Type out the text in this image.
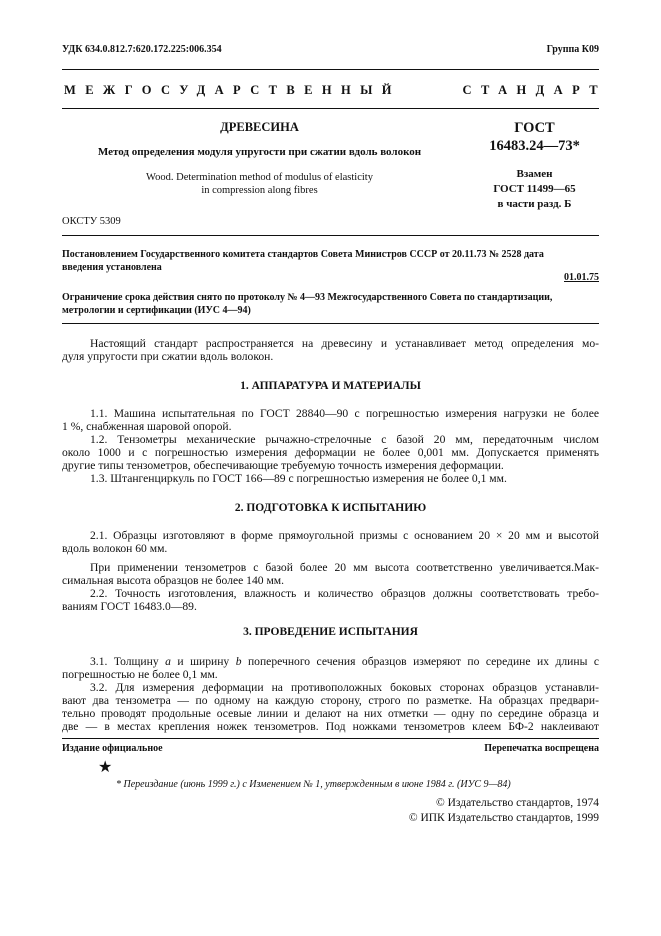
УДК 634.0.812.7:620.172.225:006.354	Группа К09
МЕЖГОСУДАРСТВЕННЫЙ	СТАНДАРТ
ДРЕВЕСИНА
Метод определения модуля упругости при сжатии вдоль волокон
Wood. Determination method of modulus of elasticity
in compression along fibres
ГОСТ
16483.24—73*
Взамен
ГОСТ 11499—65
в части разд. Б
ОКСТУ 5309
Постановлением Государственного комитета стандартов Совета Министров СССР от 20.11.73 № 2528 дата
введения установлена
01.01.75
Ограничение срока действия снято по протоколу № 4—93 Межгосударственного Совета по стандартизации,
метрологии и сертификации (ИУС 4—94)
Настоящий стандарт распространяется на древесину и устанавливает метод определения мо-
дуля упругости при сжатии вдоль волокон.
1. АППАРАТУРА И МАТЕРИАЛЫ
1.1. Машина испытательная по ГОСТ 28840—90 с погрешностью измерения нагрузки не более
1 %, снабженная шаровой опорой.
1.2. Тензометры механические рычажно-стрелочные с базой 20 мм, передаточным числом
около 1000 и с погрешностью измерения деформации не более 0,001 мм. Допускается применять
другие типы тензометров, обеспечивающие требуемую точность измерения деформации.
1.3. Штангенциркуль по ГОСТ 166—89 с погрешностью измерения не более 0,1 мм.
2. ПОДГОТОВКА К ИСПЫТАНИЮ
2.1. Образцы изготовляют в форме прямоугольной призмы с основанием 20 × 20 мм и высотой
вдоль волокон 60 мм.
При применении тензометров с базой более 20 мм высота соответственно увеличивается.Мак-
симальная высота образцов не более 140 мм.
2.2. Точность изготовления, влажность и количество образцов должны соответствовать требо-
ваниям ГОСТ 16483.0—89.
3. ПРОВЕДЕНИЕ ИСПЫТАНИЯ
3.1. Толщину a и ширину b поперечного сечения образцов измеряют по середине их длины с
погрешностью не более 0,1 мм.
3.2. Для измерения деформации на противоположных боковых сторонах образцов устанавли-
вают два тензометра — по одному на каждую сторону, строго по разметке. На образцах предвари-
тельно проводят продольные осевые линии и делают на них отметки — одну по середине образца и
две — в местах крепления ножек тензометров. Под ножками тензометров клеем БФ-2 наклеивают
Издание официальное	Перепечатка воспрещена
★
* Переиздание (июнь 1999 г.) с Изменением № 1, утвержденным в июне 1984 г. (ИУС 9—84)
© Издательство стандартов, 1974
© ИПК Издательство стандартов, 1999
